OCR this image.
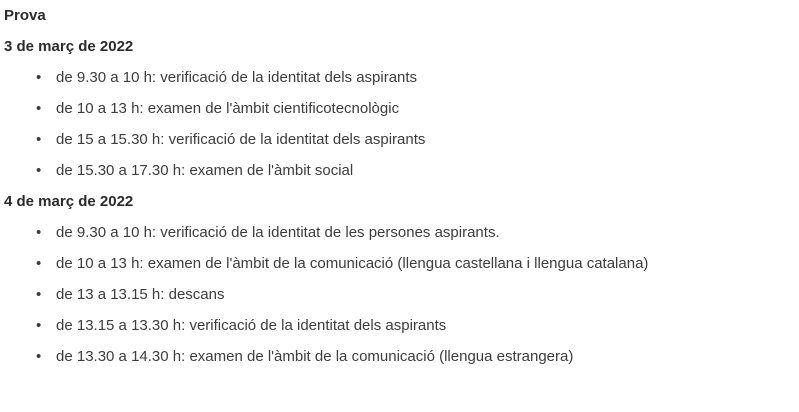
Prova
3 de març de 2022
• de 9.30 a 10 h: verificació de la identitat dels aspirants
• de 10 a 13 h: examen de l'àmbit cientificotecnològic
• de 15 a 15.30 h: verificació de la identitat dels aspirants
• de 15.30 a 17.30 h: examen de l'àmbit social
4 de març de 2022
• de 9.30 a 10 h: verificació de la identitat de les persones aspirants.
• de 10 a 13 h: examen de l'àmbit de la comunicació (llengua castellana i llengua catalana)
• de 13 a 13.15 h: descans
• de 13.15 a 13.30 h: verificació de la identitat dels aspirants
• de 13.30 a 14.30 h: examen de l'àmbit de la comunicació (llengua estrangera)
